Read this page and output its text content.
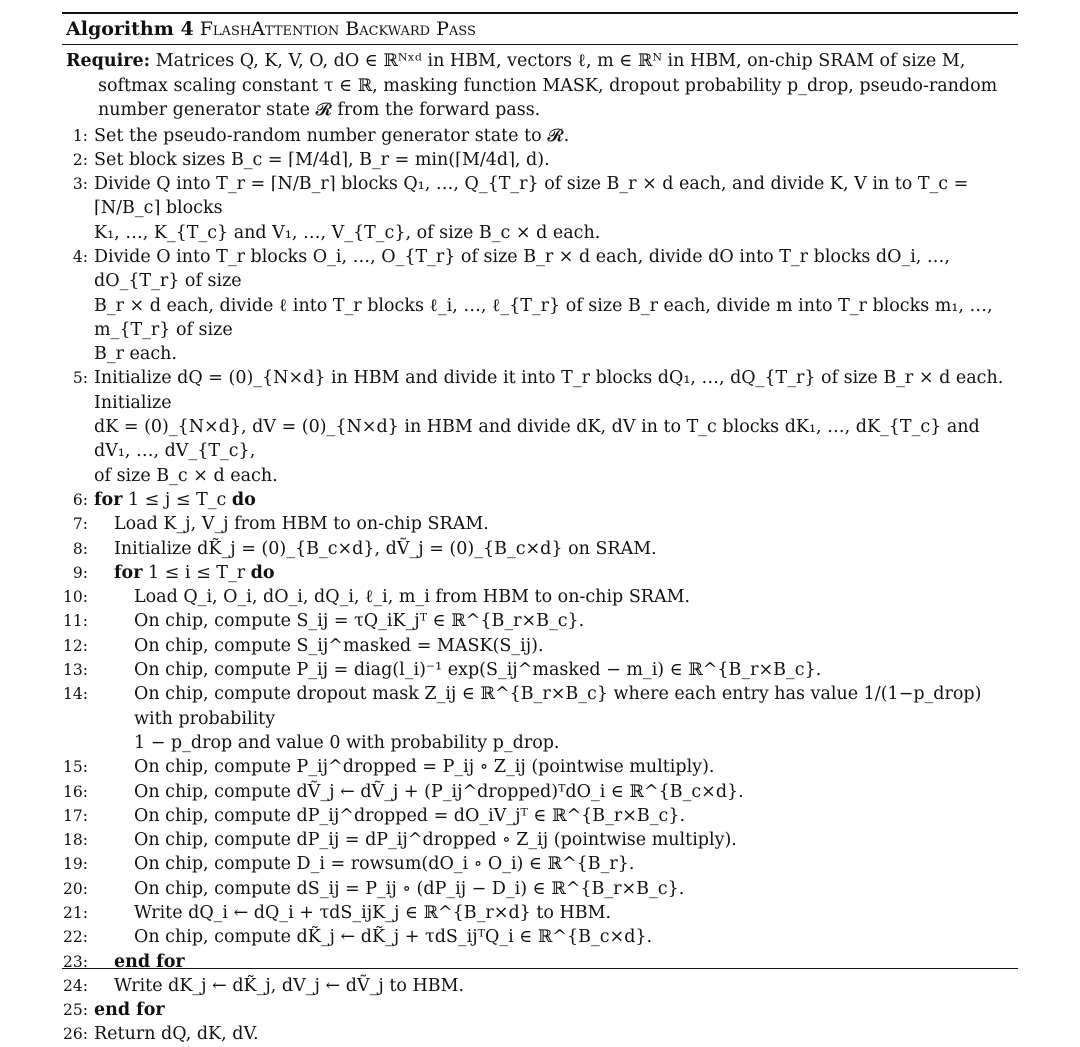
Algorithm 4 FlashAttention Backward Pass
Require: Matrices Q, K, V, O, dO ∈ ℝᴺˣᵈ in HBM, vectors ℓ, m ∈ ℝᴺ in HBM, on-chip SRAM of size M,
softmax scaling constant τ ∈ ℝ, masking function MASK, dropout probability p_drop, pseudo-random
number generator state 𝓡 from the forward pass.
1: Set the pseudo-random number generator state to 𝓡.
2: Set block sizes B_c = ⌈M/4d⌉, B_r = min(⌈M/4d⌉, d).
3: Divide Q into T_r = ⌈N/B_r⌉ blocks Q₁, …, Q_{T_r} of size B_r × d each, and divide K, V in to T_c = ⌈N/B_c⌉ blocks
K₁, …, K_{T_c} and V₁, …, V_{T_c}, of size B_c × d each.
4: Divide O into T_r blocks O_i, …, O_{T_r} of size B_r × d each, divide dO into T_r blocks dO_i, …, dO_{T_r} of size
B_r × d each, divide ℓ into T_r blocks ℓ_i, …, ℓ_{T_r} of size B_r each, divide m into T_r blocks m₁, …, m_{T_r} of size
B_r each.
5: Initialize dQ = (0)_{N×d} in HBM and divide it into T_r blocks dQ₁, …, dQ_{T_r} of size B_r × d each. Initialize
dK = (0)_{N×d}, dV = (0)_{N×d} in HBM and divide dK, dV in to T_c blocks dK₁, …, dK_{T_c} and dV₁, …, dV_{T_c},
of size B_c × d each.
6: for 1 ≤ j ≤ T_c do
7:	Load K_j, V_j from HBM to on-chip SRAM.
8:	Initialize dK̃_j = (0)_{B_c×d}, dṼ_j = (0)_{B_c×d} on SRAM.
9:	for 1 ≤ i ≤ T_r do
10:	Load Q_i, O_i, dO_i, dQ_i, ℓ_i, m_i from HBM to on-chip SRAM.
11:	On chip, compute S_ij = τQ_iK_jᵀ ∈ ℝ^{B_r×B_c}.
12:	On chip, compute S_ij^masked = MASK(S_ij).
13:	On chip, compute P_ij = diag(l_i)⁻¹ exp(S_ij^masked − m_i) ∈ ℝ^{B_r×B_c}.
14:	On chip, compute dropout mask Z_ij ∈ ℝ^{B_r×B_c} where each entry has value 1/(1−p_drop) with probability
1 − p_drop and value 0 with probability p_drop.
15:	On chip, compute P_ij^dropped = P_ij ∘ Z_ij (pointwise multiply).
16:	On chip, compute dṼ_j ← dṼ_j + (P_ij^dropped)ᵀdO_i ∈ ℝ^{B_c×d}.
17:	On chip, compute dP_ij^dropped = dO_iV_jᵀ ∈ ℝ^{B_r×B_c}.
18:	On chip, compute dP_ij = dP_ij^dropped ∘ Z_ij (pointwise multiply).
19:	On chip, compute D_i = rowsum(dO_i ∘ O_i) ∈ ℝ^{B_r}.
20:	On chip, compute dS_ij = P_ij ∘ (dP_ij − D_i) ∈ ℝ^{B_r×B_c}.
21:	Write dQ_i ← dQ_i + τdS_ijK_j ∈ ℝ^{B_r×d} to HBM.
22:	On chip, compute dK̃_j ← dK̃_j + τdS_ijᵀQ_i ∈ ℝ^{B_c×d}.
23:	end for
24:	Write dK_j ← dK̃_j, dV_j ← dṼ_j to HBM.
25: end for
26: Return dQ, dK, dV.
